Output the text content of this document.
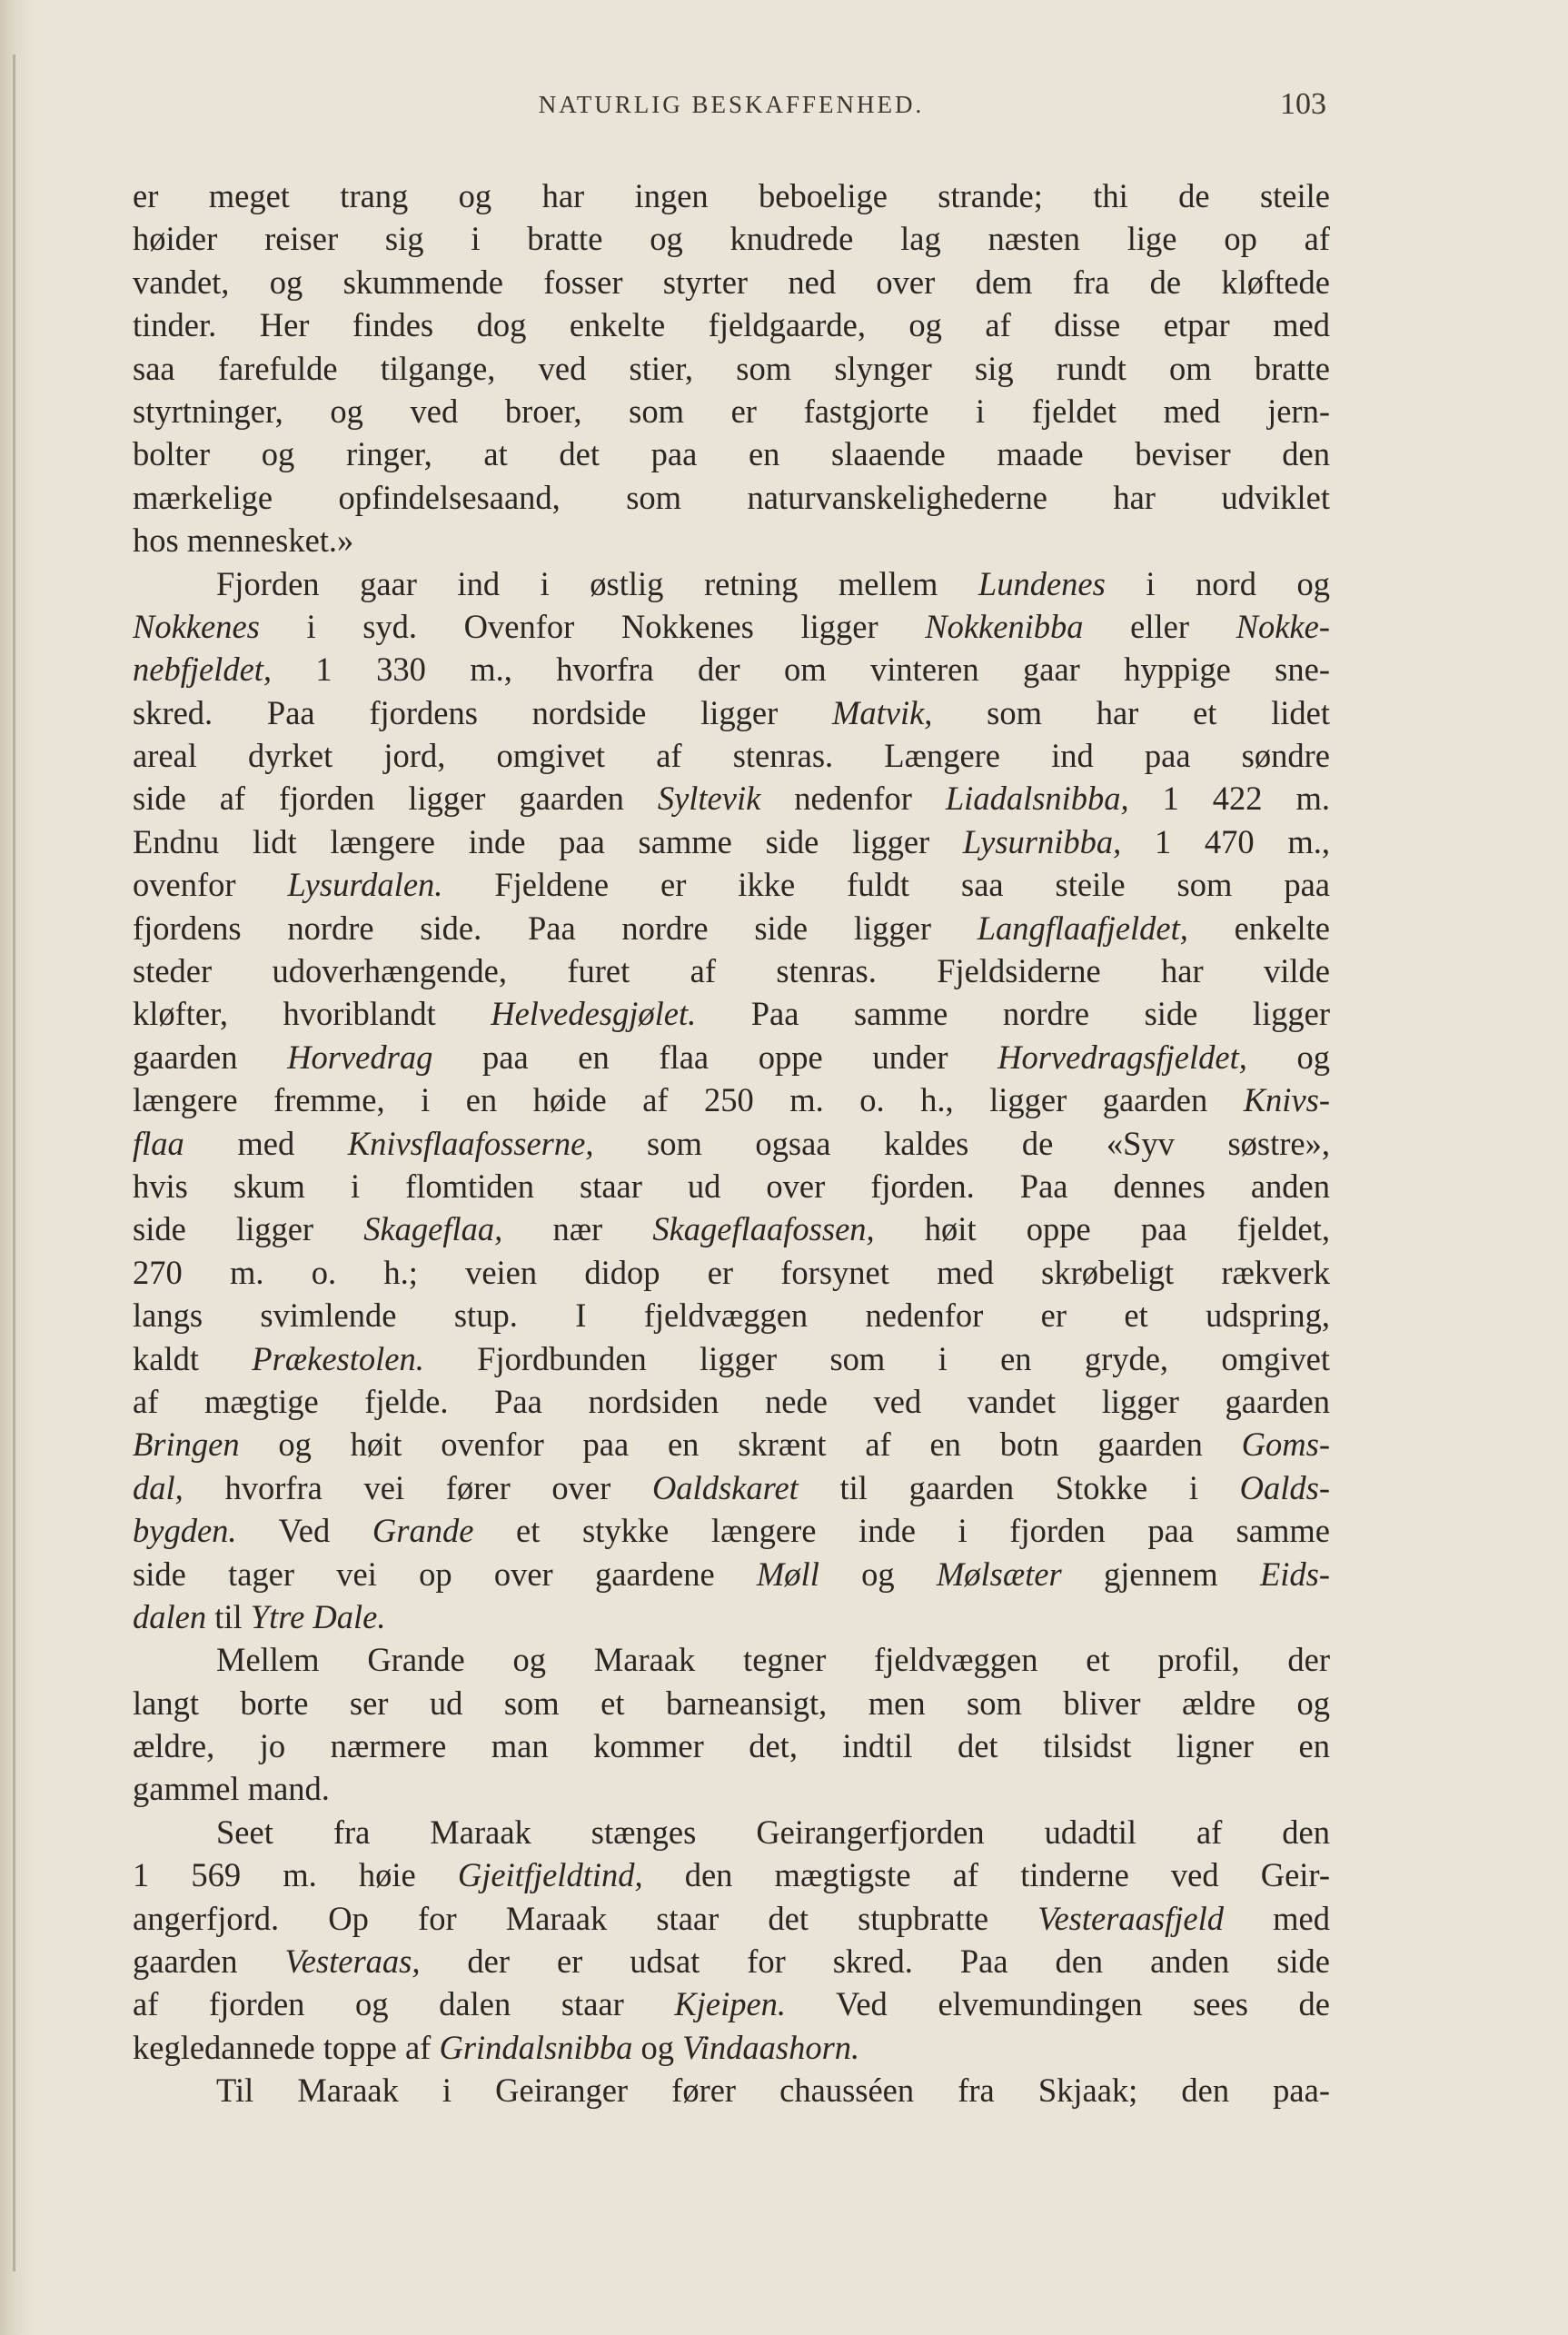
NATURLIG BESKAFFENHED.	103
er meget trang og har ingen beboelige strande; thi de steile
høider reiser sig i bratte og knudrede lag næsten lige op af
vandet, og skummende fosser styrter ned over dem fra de kløftede
tinder. Her findes dog enkelte fjeldgaarde, og af disse etpar med
saa farefulde tilgange, ved stier, som slynger sig rundt om bratte
styrtninger, og ved broer, som er fastgjorte i fjeldet med jern-
bolter og ringer, at det paa en slaaende maade beviser den
mærkelige opfindelsesaand, som naturvanskelighederne har udviklet
hos mennesket.»
Fjorden gaar ind i østlig retning mellem Lundenes i nord og
Nokkenes i syd. Ovenfor Nokkenes ligger Nokkenibba eller Nokke-
nebfjeldet, 1 330 m., hvorfra der om vinteren gaar hyppige sne-
skred. Paa fjordens nordside ligger Matvik, som har et lidet
areal dyrket jord, omgivet af stenras. Længere ind paa søndre
side af fjorden ligger gaarden Syltevik nedenfor Liadalsnibba, 1 422 m.
Endnu lidt længere inde paa samme side ligger Lysurnibba, 1 470 m.,
ovenfor Lysurdalen. Fjeldene er ikke fuldt saa steile som paa
fjordens nordre side. Paa nordre side ligger Langflaafjeldet, enkelte
steder udoverhængende, furet af stenras. Fjeldsiderne har vilde
kløfter, hvoriblandt Helvedesgjølet. Paa samme nordre side ligger
gaarden Horvedrag paa en flaa oppe under Horvedragsfjeldet, og
længere fremme, i en høide af 250 m. o. h., ligger gaarden Knivs-
flaa med Knivsflaafosserne, som ogsaa kaldes de «Syv søstre»,
hvis skum i flomtiden staar ud over fjorden. Paa dennes anden
side ligger Skageflaa, nær Skageflaafossen, høit oppe paa fjeldet,
270 m. o. h.; veien didop er forsynet med skrøbeligt rækverk
langs svimlende stup. I fjeldvæggen nedenfor er et udspring,
kaldt Prækestolen. Fjordbunden ligger som i en gryde, omgivet
af mægtige fjelde. Paa nordsiden nede ved vandet ligger gaarden
Bringen og høit ovenfor paa en skrænt af en botn gaarden Goms-
dal, hvorfra vei fører over Oaldskaret til gaarden Stokke i Oalds-
bygden. Ved Grande et stykke længere inde i fjorden paa samme
side tager vei op over gaardene Møll og Mølsæter gjennem Eids-
dalen til Ytre Dale.
Mellem Grande og Maraak tegner fjeldvæggen et profil, der
langt borte ser ud som et barneansigt, men som bliver ældre og
ældre, jo nærmere man kommer det, indtil det tilsidst ligner en
gammel mand.
Seet fra Maraak stænges Geirangerfjorden udadtil af den
1 569 m. høie Gjeitfjeldtind, den mægtigste af tinderne ved Geir-
angerfjord. Op for Maraak staar det stupbratte Vesteraasfjeld med
gaarden Vesteraas, der er udsat for skred. Paa den anden side
af fjorden og dalen staar Kjeipen. Ved elvemundingen sees de
kegledannede toppe af Grindalsnibba og Vindaashorn.
Til Maraak i Geiranger fører chausséen fra Skjaak; den paa-
